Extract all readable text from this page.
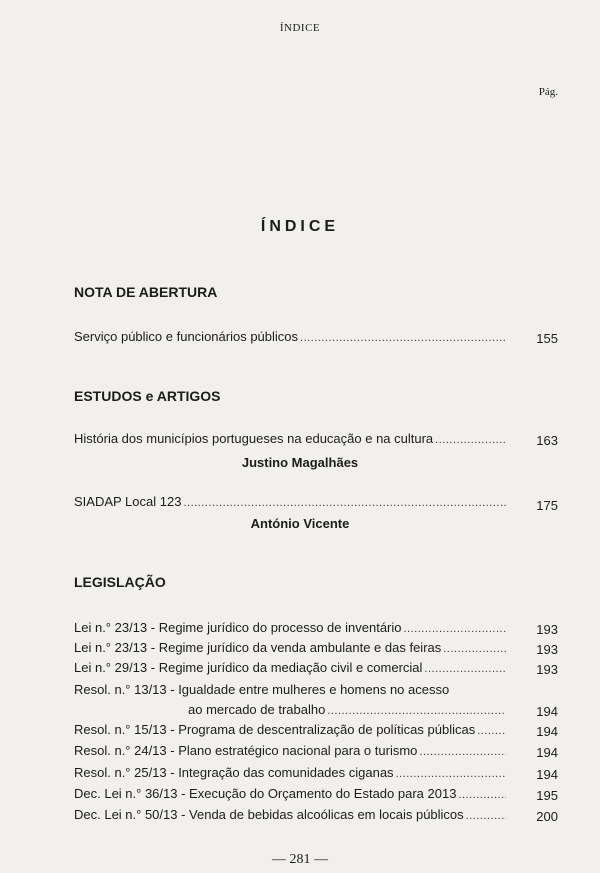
ÍNDICE
Pág.
ÍNDICE
NOTA DE ABERTURA
Serviço público e funcionários públicos .....	155
ESTUDOS e ARTIGOS
História dos municípios portugueses na educação e na cultura .....	163
Justino Magalhães
SIADAP Local 123 .....	175
António Vicente
LEGISLAÇÃO
Lei n.° 23/13 - Regime jurídico do processo de inventário .....	193
Lei n.° 23/13 - Regime jurídico da venda ambulante e das feiras .....	193
Lei n.° 29/13 - Regime jurídico da mediação civil e comercial .....	193
Resol. n.° 13/13 - Igualdade entre mulheres e homens no acesso
ao mercado de trabalho .....	194
Resol. n.° 15/13 - Programa de descentralização de políticas públicas .....	194
Resol. n.° 24/13 - Plano estratégico nacional para o turismo .....	194
Resol. n.° 25/13 - Integração das comunidades ciganas .....	194
Dec. Lei n.° 36/13 - Execução do Orçamento do Estado para 2013 .....	195
Dec. Lei n.° 50/13 - Venda de bebidas alcoólicas em locais públicos .....	200
— 281 —
